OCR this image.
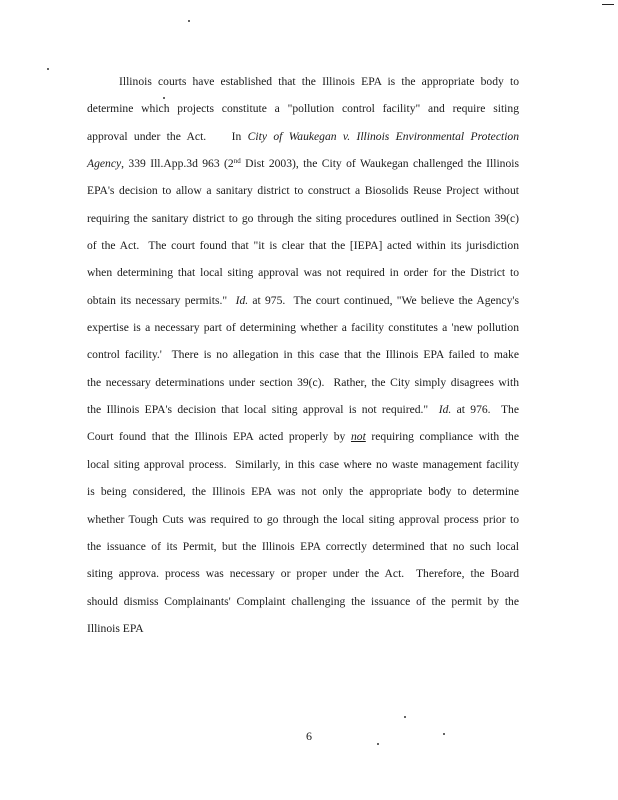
Illinois courts have established that the Illinois EPA is the appropriate body to
determine which projects constitute a "pollution control facility" and require siting
approval under the Act.    In City of Waukegan v. Illinois Environmental Protection
Agency, 339 Ill.App.3d 963 (2nd Dist 2003), the City of Waukegan challenged the Illinois
EPA's decision to allow a sanitary district to construct a Biosolids Reuse Project without
requiring the sanitary district to go through the siting procedures outlined in Section 39(c)
of the Act.  The court found that "it is clear that the [IEPA] acted within its jurisdiction
when determining that local siting approval was not required in order for the District to
obtain its necessary permits."  Id. at 975.  The court continued, "We believe the Agency's
expertise is a necessary part of determining whether a facility constitutes a 'new pollution
control facility.'  There is no allegation in this case that the Illinois EPA failed to make
the necessary determinations under section 39(c).  Rather, the City simply disagrees with
the Illinois EPA's decision that local siting approval is not required."  Id. at 976.  The
Court found that the Illinois EPA acted properly by not requiring compliance with the
local siting approval process.  Similarly, in this case where no waste management facility
is being considered, the Illinois EPA was not only the appropriate body to determine
whether Tough Cuts was required to go through the local siting approval process prior to
the issuance of its Permit, but the Illinois EPA correctly determined that no such local
siting approva. process was necessary or proper under the Act.  Therefore, the Board
should dismiss Complainants' Complaint challenging the issuance of the permit by the
Illinois EPA
6
